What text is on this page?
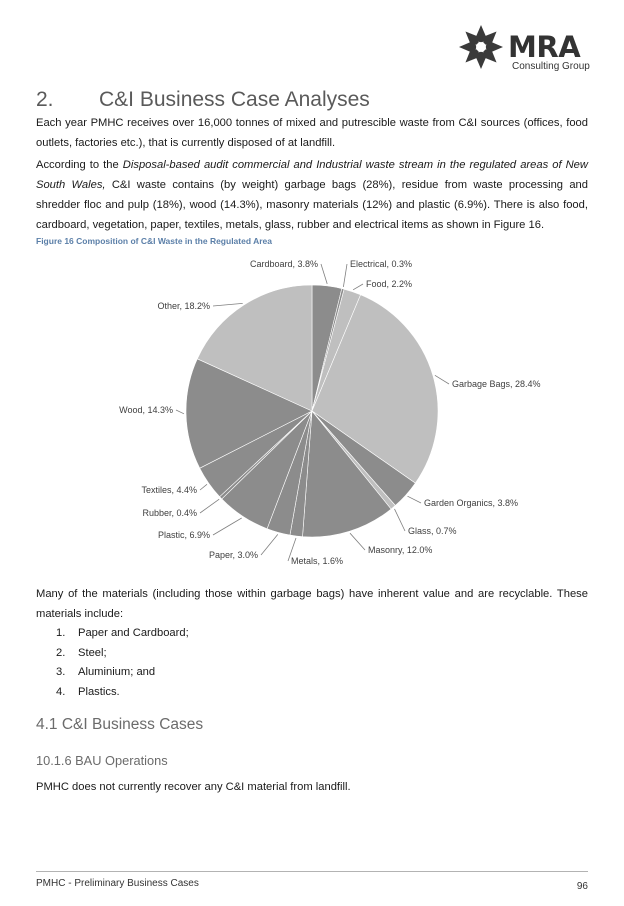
MRA
Consulting Group
2. C&I Business Case Analyses
Each year PMHC receives over 16,000 tonnes of mixed and putrescible waste from C&I sources (offices, food outlets, factories etc.), that is currently disposed of at landfill.
According to the Disposal-based audit commercial and Industrial waste stream in the regulated areas of New South Wales, C&I waste contains (by weight) garbage bags (28%), residue from waste processing and shredder floc and pulp (18%), wood (14.3%), masonry materials (12%) and plastic (6.9%). There is also food, cardboard, vegetation, paper, textiles, metals, glass, rubber and electrical items as shown in Figure 16.
Figure 16 Composition of C&I Waste in the Regulated Area
Cardboard, 3.8%	Electrical, 0.3%
Food, 2.2%
Garbage Bags, 28.4%
Garden Organics, 3.8%
Glass, 0.7%
Masonry, 12.0%
Metals, 1.6%
Paper, 3.0%
Plastic, 6.9%
Rubber, 0.4%
Textiles, 4.4%
Wood, 14.3%
Other, 18.2%
Many of the materials (including those within garbage bags) have inherent value and are recyclable. These materials include:
1. Paper and Cardboard;
2. Steel;
3. Aluminium; and
4. Plastics.
4.1 C&I Business Cases
10.1.6 BAU Operations
PMHC does not currently recover any C&I material from landfill.
PMHC - Preliminary Business Cases	96
